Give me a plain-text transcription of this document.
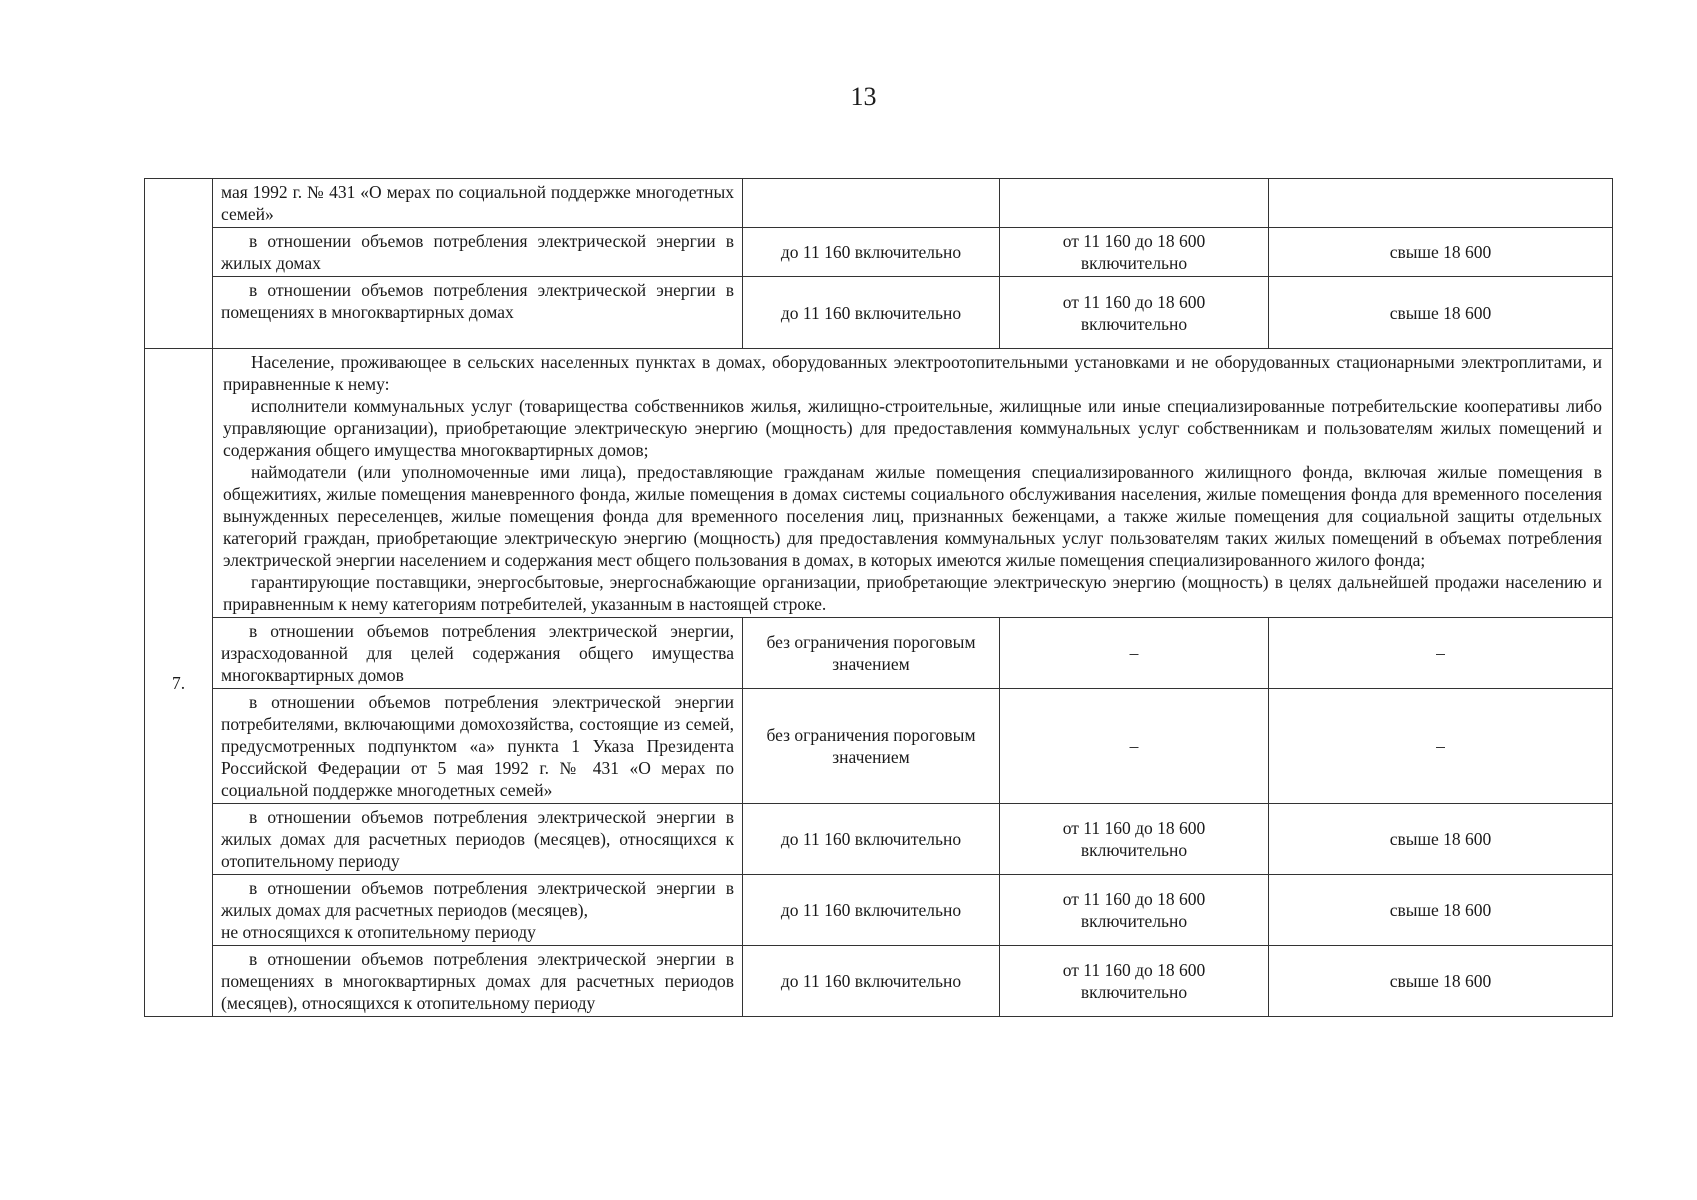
13
	мая 1992 г. № 431 «О мерах по социальной поддержке многодетных семей»			

	в отношении объемов потребления электрической энергии в жилых домах	до 11 160 включительно	от 11 160 до 18 600 включительно	свыше 18 600

	в отношении объемов потребления электрической энергии в помещениях в многоквартирных домах	до 11 160 включительно	от 11 160 до 18 600 включительно	свыше 18 600
7.	Население, проживающее в сельских населенных пунктах в домах, оборудованных электроотопительными установками и не оборудованных стационарными электроплитами, и приравненные к нему:

исполнители коммунальных услуг (товарищества собственников жилья, жилищно-строительные, жилищные или иные специализированные потребительские кооперативы либо управляющие организации), приобретающие электрическую энергию (мощность) для предоставления коммунальных услуг собственникам и пользователям жилых помещений и содержания общего имущества многоквартирных домов;

наймодатели (или уполномоченные ими лица), предоставляющие гражданам жилые помещения специализированного жилищного фонда, включая жилые помещения в общежитиях, жилые помещения маневренного фонда, жилые помещения в домах системы социального обслуживания населения, жилые помещения фонда для временного поселения вынужденных переселенцев, жилые помещения фонда для временного поселения лиц, признанных беженцами, а также жилые помещения для социальной защиты отдельных категорий граждан, приобретающие электрическую энергию (мощность) для предоставления коммунальных услуг пользователям таких жилых помещений в объемах потребления электрической энергии населением и содержания мест общего пользования в домах, в которых имеются жилые помещения специализированного жилого фонда;

гарантирующие поставщики, энергосбытовые, энергоснабжающие организации, приобретающие электрическую энергию (мощность) в целях дальнейшей продажи населению и приравненным к нему категориям потребителей, указанным в настоящей строке.			

	в отношении объемов потребления электрической энергии, израсходованной для целей содержания общего имущества многоквартирных домов	без ограничения пороговым значением	–	–

	в отношении объемов потребления электрической энергии потребителями, включающими домохозяйства, состоящие из семей, предусмотренных подпунктом «а» пункта 1 Указа Президента Российской Федерации от 5 мая 1992 г. № 431 «О мерах по социальной поддержке многодетных семей»	без ограничения пороговым значением	–	–

	в отношении объемов потребления электрической энергии в жилых домах для расчетных периодов (месяцев), относящихся к отопительному периоду	до 11 160 включительно	от 11 160 до 18 600 включительно	свыше 18 600

	в отношении объемов потребления электрической энергии в жилых домах для расчетных периодов (месяцев),
не относящихся к отопительному периоду	до 11 160 включительно	от 11 160 до 18 600 включительно	свыше 18 600

	в отношении объемов потребления электрической энергии в помещениях в многоквартирных домах для расчетных периодов (месяцев), относящихся к отопительному периоду	до 11 160 включительно	от 11 160 до 18 600 включительно	свыше 18 600
